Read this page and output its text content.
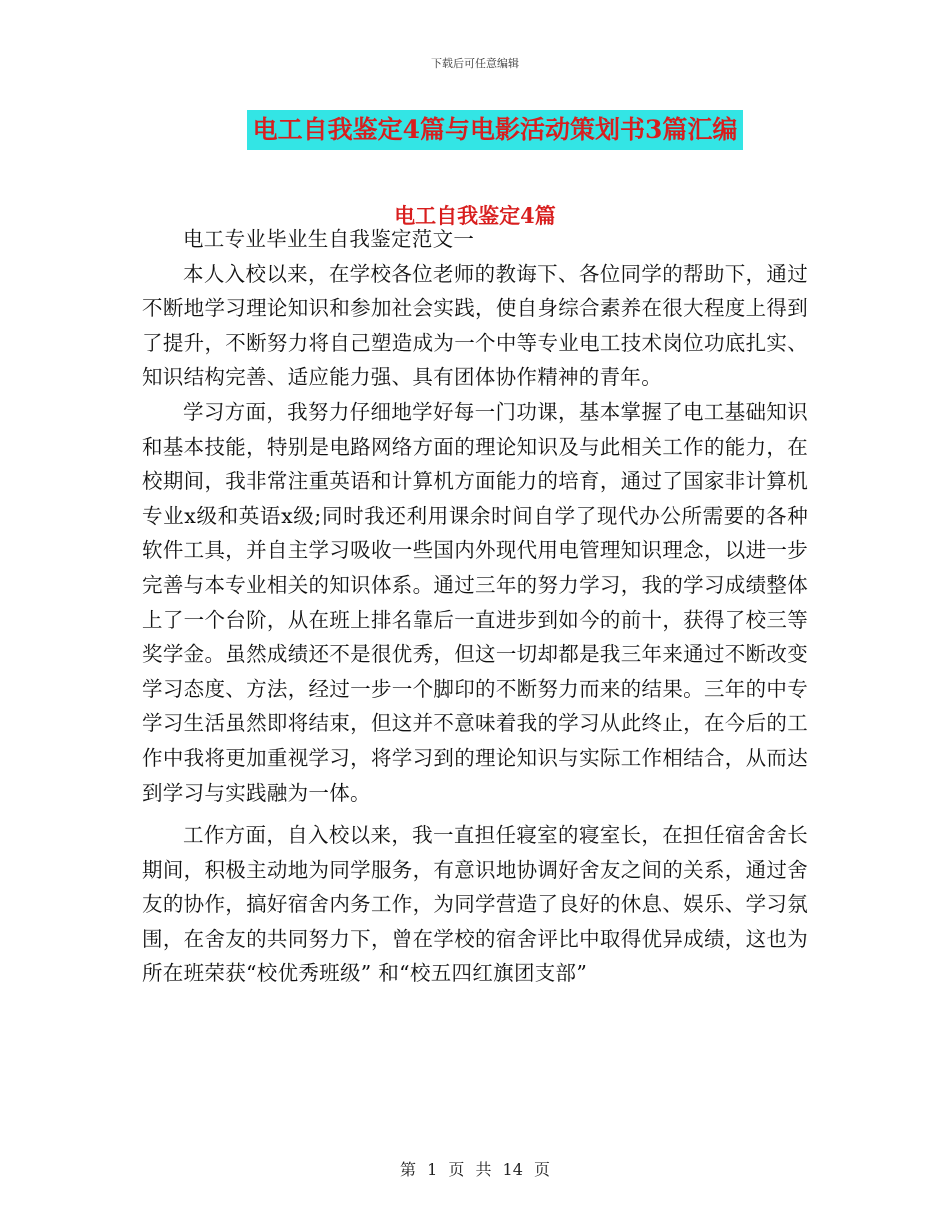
下载后可任意编辑
电工自我鉴定4篇与电影活动策划书3篇汇编
电工自我鉴定4篇

电工专业毕业生自我鉴定范文一

本人入校以来，在学校各位老师的教诲下、各位同学的帮助下，通过不断地学习理论知识和参加社会实践，使自身综合素养在很大程度上得到了提升，不断努力将自己塑造成为一个中等专业电工技术岗位功底扎实、知识结构完善、适应能力强、具有团体协作精神的青年。

学习方面，我努力仔细地学好每一门功课，基本掌握了电工基础知识和基本技能，特别是电路网络方面的理论知识及与此相关工作的能力，在校期间，我非常注重英语和计算机方面能力的培育，通过了国家非计算机专业x级和英语x级;同时我还利用课余时间自学了现代办公所需要的各种软件工具，并自主学习吸收一些国内外现代用电管理知识理念，以进一步完善与本专业相关的知识体系。通过三年的努力学习，我的学习成绩整体上了一个台阶，从在班上排名靠后一直进步到如今的前十，获得了校三等奖学金。虽然成绩还不是很优秀，但这一切却都是我三年来通过不断改变学习态度、方法，经过一步一个脚印的不断努力而来的结果。三年的中专学习生活虽然即将结束，但这并不意味着我的学习从此终止，在今后的工作中我将更加重视学习，将学习到的理论知识与实际工作相结合，从而达到学习与实践融为一体。

工作方面，自入校以来，我一直担任寝室的寝室长，在担任宿舍舍长期间，积极主动地为同学服务，有意识地协调好舍友之间的关系，通过舍友的协作，搞好宿舍内务工作，为同学营造了良好的休息、娱乐、学习氛围，在舍友的共同努力下，曾在学校的宿舍评比中取得优异成绩，这也为所在班荣获“校优秀班级” 和“校五四红旗团支部”

第 1 页 共 14 页
